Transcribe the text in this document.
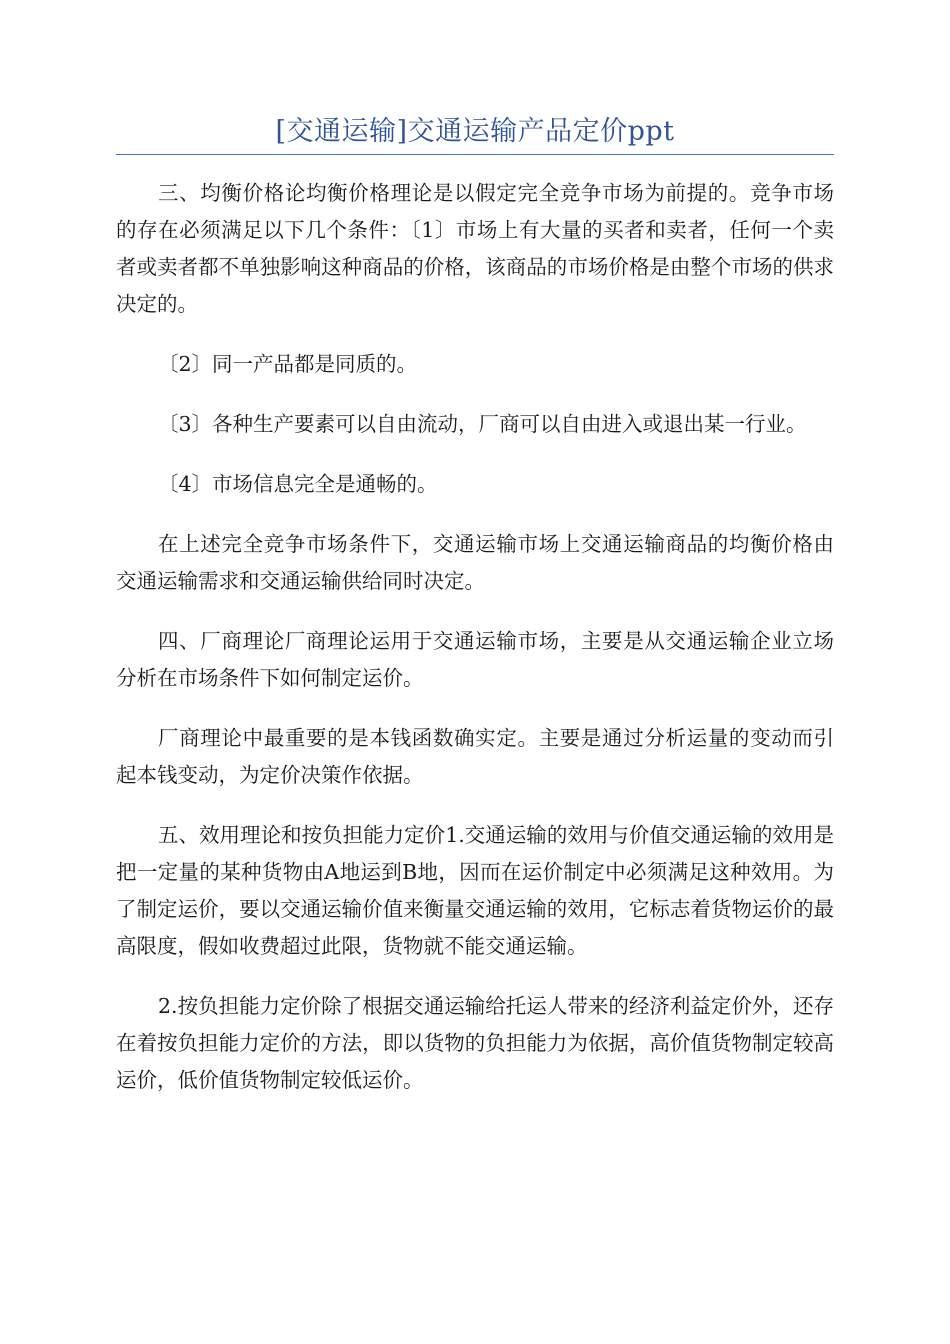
[交通运输]交通运输产品定价ppt

三、均衡价格论均衡价格理论是以假定完全竞争市场为前提的。竞争市场的存在必须满足以下几个条件：〔1〕市场上有大量的买者和卖者，任何一个卖者或卖者都不单独影响这种商品的价格，该商品的市场价格是由整个市场的供求决定的。

〔2〕同一产品都是同质的。

〔3〕各种生产要素可以自由流动，厂商可以自由进入或退出某一行业。

〔4〕市场信息完全是通畅的。

在上述完全竞争市场条件下，交通运输市场上交通运输商品的均衡价格由交通运输需求和交通运输供给同时决定。

四、厂商理论厂商理论运用于交通运输市场，主要是从交通运输企业立场分析在市场条件下如何制定运价。

厂商理论中最重要的是本钱函数确实定。主要是通过分析运量的变动而引起本钱变动，为定价决策作依据。

五、效用理论和按负担能力定价1.交通运输的效用与价值交通运输的效用是把一定量的某种货物由A地运到B地，因而在运价制定中必须满足这种效用。为了制定运价，要以交通运输价值来衡量交通运输的效用，它标志着货物运价的最高限度，假如收费超过此限，货物就不能交通运输。

2.按负担能力定价除了根据交通运输给托运人带来的经济利益定价外，还存在着按负担能力定价的方法，即以货物的负担能力为依据，高价值货物制定较高运价，低价值货物制定较低运价。
